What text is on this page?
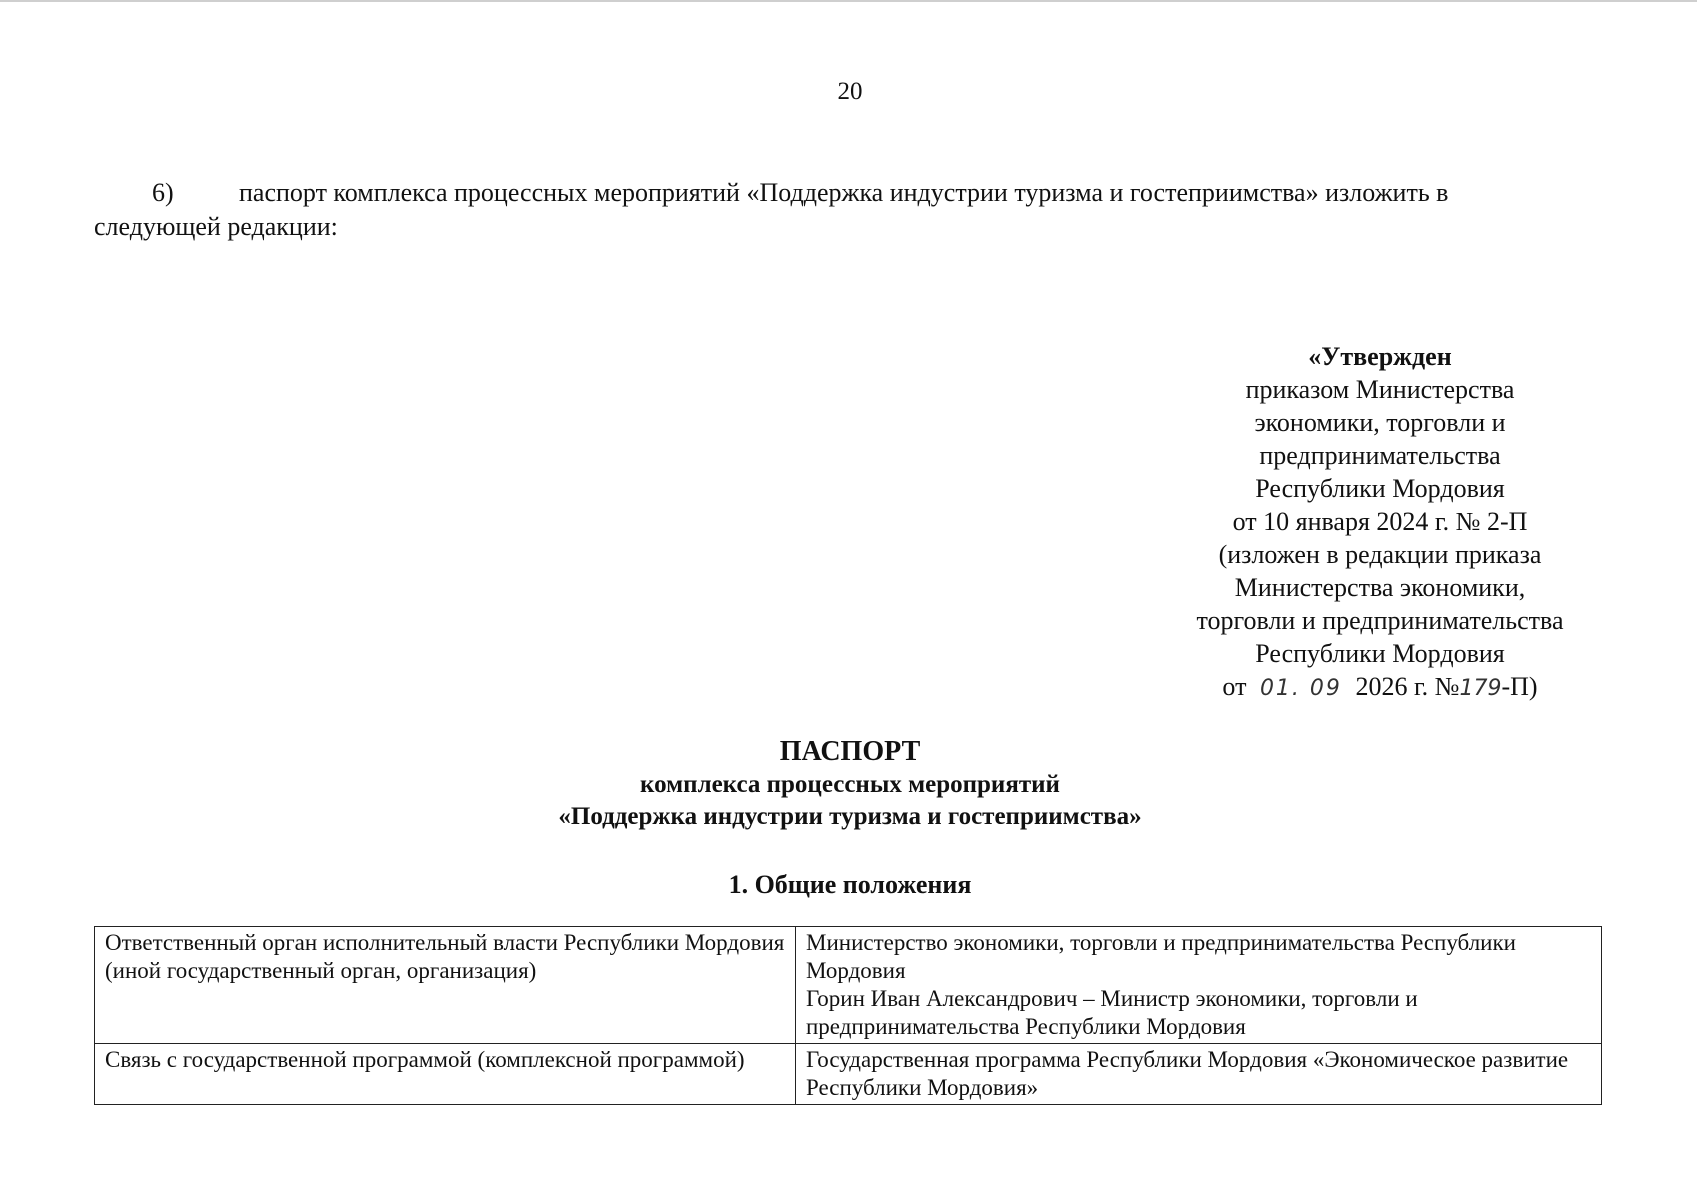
20
6)	паспорт комплекса процессных мероприятий «Поддержка индустрии туризма и гостеприимства» изложить в
следующей редакции:
«Утвержден
приказом Министерства
экономики, торговли и
предпринимательства
Республики Мордовия
от 10 января 2024 г. № 2-П
(изложен в редакции приказа
Министерства экономики,
торговли и предпринимательства
Республики Мордовия
от 01. 09 2026 г. №179-П)
ПАСПОРТ
комплекса процессных мероприятий
«Поддержка индустрии туризма и гостеприимства»
1. Общие положения
Ответственный орган исполнительный власти Республики Мордовия (иной государственный орган, организация)	Министерство экономики, торговли и предпринимательства Республики Мордовия
Горин Иван Александрович – Министр экономики, торговли и предпринимательства Республики Мордовия

Связь с государственной программой (комплексной программой)	Государственная программа Республики Мордовия «Экономическое развитие Республики Мордовия»
